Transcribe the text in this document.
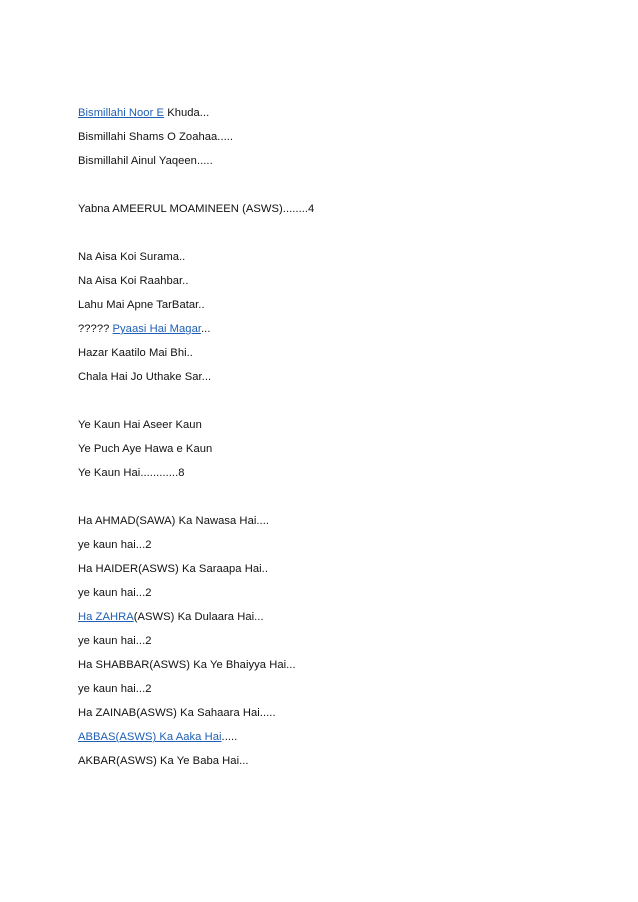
Bismillahi Noor E Khuda...
Bismillahi Shams O Zoahaa.....
Bismillahil Ainul Yaqeen.....
Yabna AMEERUL MOAMINEEN (ASWS)........4
Na Aisa Koi Surama..
Na Aisa Koi Raahbar..
Lahu Mai Apne TarBatar..
????? Pyaasi Hai Magar...
Hazar Kaatilo Mai Bhi..
Chala Hai Jo Uthake Sar...
Ye Kaun Hai Aseer Kaun
Ye Puch Aye Hawa e Kaun
Ye Kaun Hai............8
Ha AHMAD(SAWA) Ka Nawasa Hai....
ye kaun hai...2
Ha HAIDER(ASWS) Ka Saraapa Hai..
ye kaun hai...2
Ha ZAHRA(ASWS) Ka Dulaara Hai...
ye kaun hai...2
Ha SHABBAR(ASWS) Ka Ye Bhaiyya Hai...
ye kaun hai...2
Ha ZAINAB(ASWS) Ka Sahaara Hai.....
ABBAS(ASWS) Ka Aaka Hai.....
AKBAR(ASWS) Ka Ye Baba Hai...
